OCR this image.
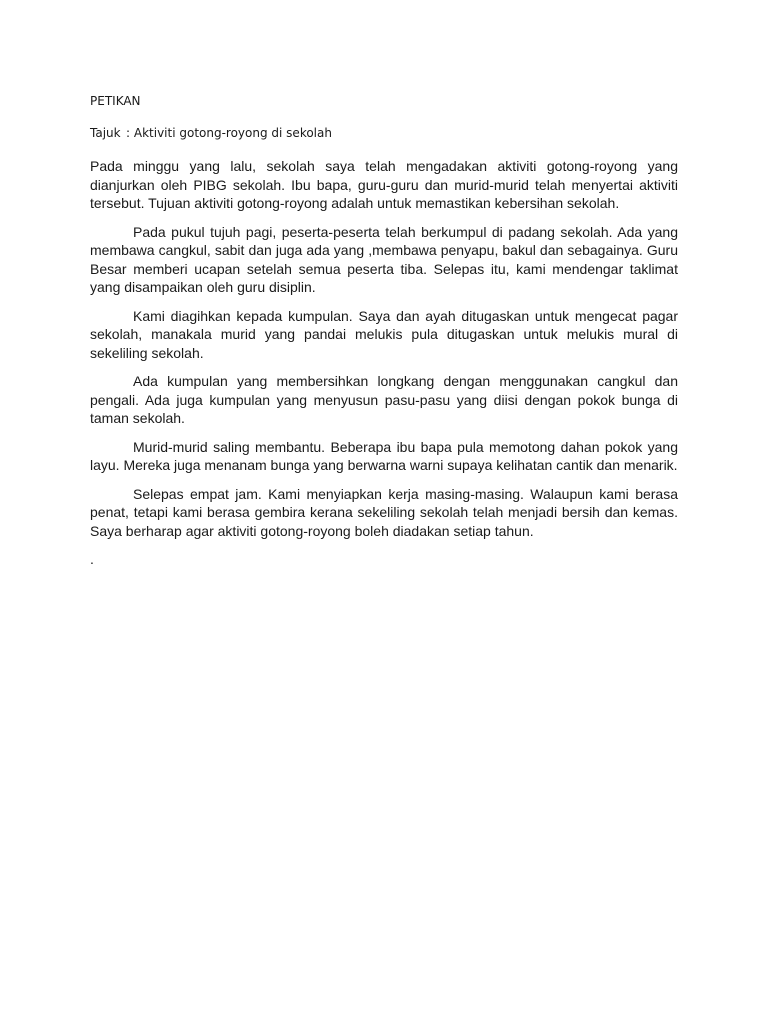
PETIKAN
Tajuk : Aktiviti gotong-royong di sekolah

Pada minggu yang lalu, sekolah saya telah mengadakan aktiviti gotong-royong yang dianjurkan oleh PIBG sekolah. Ibu bapa, guru-guru dan murid-murid telah menyertai aktiviti tersebut. Tujuan aktiviti gotong-royong adalah untuk memastikan kebersihan sekolah.

Pada pukul tujuh pagi, peserta-peserta telah berkumpul di padang sekolah. Ada yang membawa cangkul, sabit dan juga ada yang ,membawa penyapu, bakul dan sebagainya. Guru Besar memberi ucapan setelah semua peserta tiba. Selepas itu, kami mendengar taklimat yang disampaikan oleh guru disiplin.

Kami diagihkan kepada kumpulan. Saya dan ayah ditugaskan untuk mengecat pagar sekolah, manakala murid yang pandai melukis pula ditugaskan untuk melukis mural di sekeliling sekolah.

Ada kumpulan yang membersihkan longkang dengan menggunakan cangkul dan pengali. Ada juga kumpulan yang menyusun pasu-pasu yang diisi dengan pokok bunga di taman sekolah.

Murid-murid saling membantu. Beberapa ibu bapa pula memotong dahan pokok yang layu. Mereka juga menanam bunga yang berwarna warni supaya kelihatan cantik dan menarik.

Selepas empat jam. Kami menyiapkan kerja masing-masing. Walaupun kami berasa penat, tetapi kami berasa gembira kerana sekeliling sekolah telah menjadi bersih dan kemas. Saya berharap agar aktiviti gotong-royong boleh diadakan setiap tahun.

.
